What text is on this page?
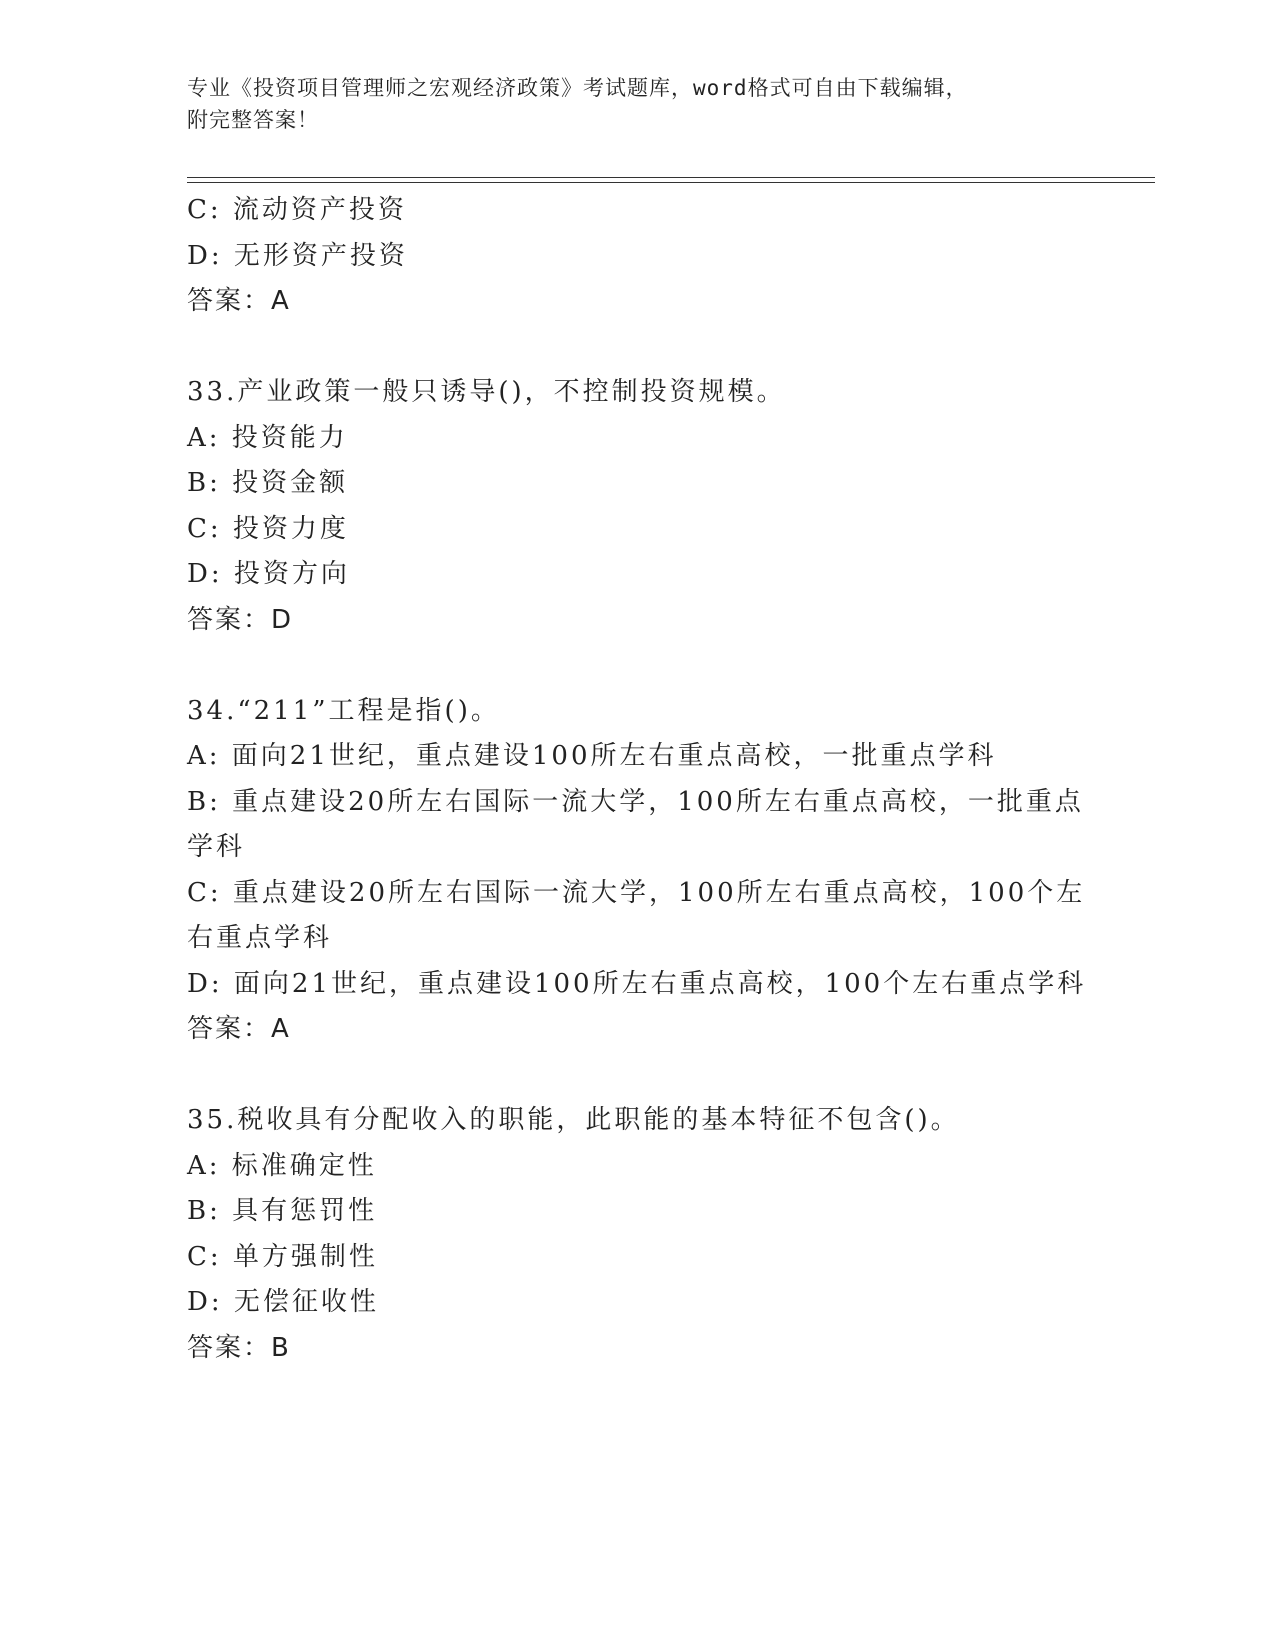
专业《投资项目管理师之宏观经济政策》考试题库，word格式可自由下载编辑，
附完整答案！
C: 流动资产投资
D: 无形资产投资
答案：A
33.产业政策一般只诱导()，不控制投资规模。
A: 投资能力
B: 投资金额
C: 投资力度
D: 投资方向
答案：D
34.“211”工程是指()。
A: 面向21世纪，重点建设100所左右重点高校，一批重点学科
B: 重点建设20所左右国际一流大学，100所左右重点高校，一批重点
学科
C: 重点建设20所左右国际一流大学，100所左右重点高校，100个左
右重点学科
D: 面向21世纪，重点建设100所左右重点高校，100个左右重点学科
答案：A
35.税收具有分配收入的职能，此职能的基本特征不包含()。
A: 标准确定性
B: 具有惩罚性
C: 单方强制性
D: 无偿征收性
答案：B
